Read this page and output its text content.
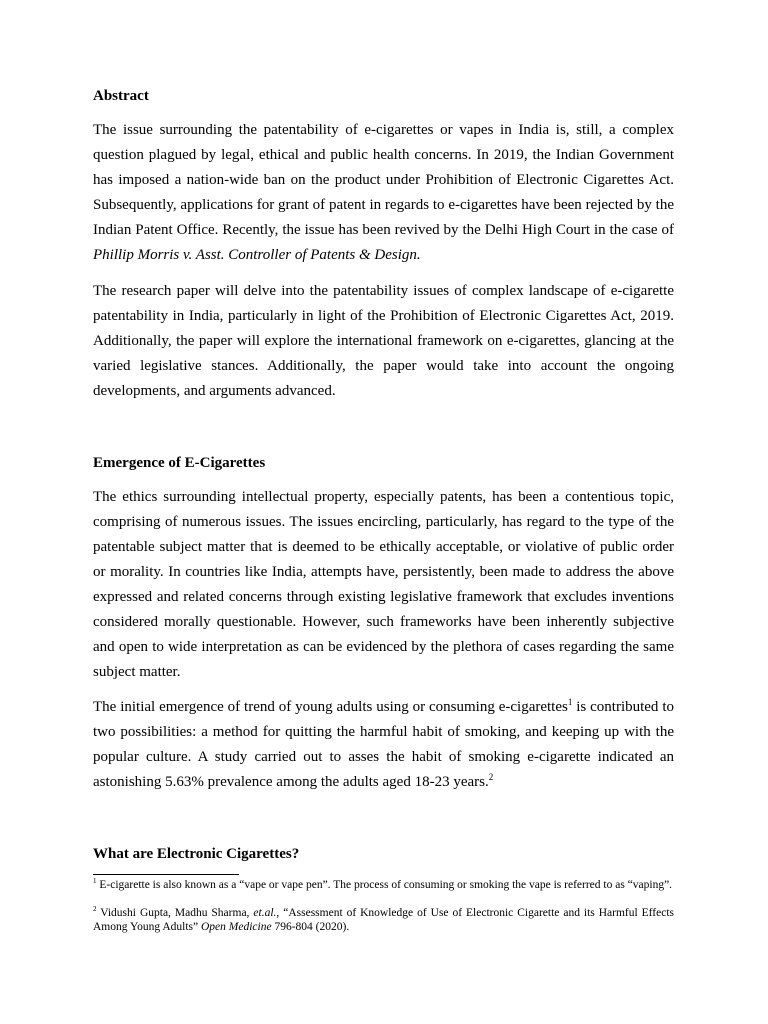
Abstract

The issue surrounding the patentability of e-cigarettes or vapes in India is, still, a complex question plagued by legal, ethical and public health concerns. In 2019, the Indian Government has imposed a nation-wide ban on the product under Prohibition of Electronic Cigarettes Act. Subsequently, applications for grant of patent in regards to e-cigarettes have been rejected by the Indian Patent Office. Recently, the issue has been revived by the Delhi High Court in the case of Phillip Morris v. Asst. Controller of Patents & Design.

The research paper will delve into the patentability issues of complex landscape of e-cigarette patentability in India, particularly in light of the Prohibition of Electronic Cigarettes Act, 2019. Additionally, the paper will explore the international framework on e-cigarettes, glancing at the varied legislative stances. Additionally, the paper would take into account the ongoing developments, and arguments advanced.

Emergence of E-Cigarettes

The ethics surrounding intellectual property, especially patents, has been a contentious topic, comprising of numerous issues. The issues encircling, particularly, has regard to the type of the patentable subject matter that is deemed to be ethically acceptable, or violative of public order or morality. In countries like India, attempts have, persistently, been made to address the above expressed and related concerns through existing legislative framework that excludes inventions considered morally questionable. However, such frameworks have been inherently subjective and open to wide interpretation as can be evidenced by the plethora of cases regarding the same subject matter.

The initial emergence of trend of young adults using or consuming e-cigarettes$^1$ is contributed to two possibilities: a method for quitting the harmful habit of smoking, and keeping up with the popular culture. A study carried out to asses the habit of smoking e-cigarette indicated an astonishing 5.63% prevalence among the adults aged 18-23 years.$^2$

What are Electronic Cigarettes?

$^1$ E-cigarette is also known as a “vape or vape pen”. The process of consuming or smoking the vape is referred to as “vaping”.

$^2$ Vidushi Gupta, Madhu Sharma, et.al., “Assessment of Knowledge of Use of Electronic Cigarette and its Harmful Effects Among Young Adults” Open Medicine 796-804 (2020).
